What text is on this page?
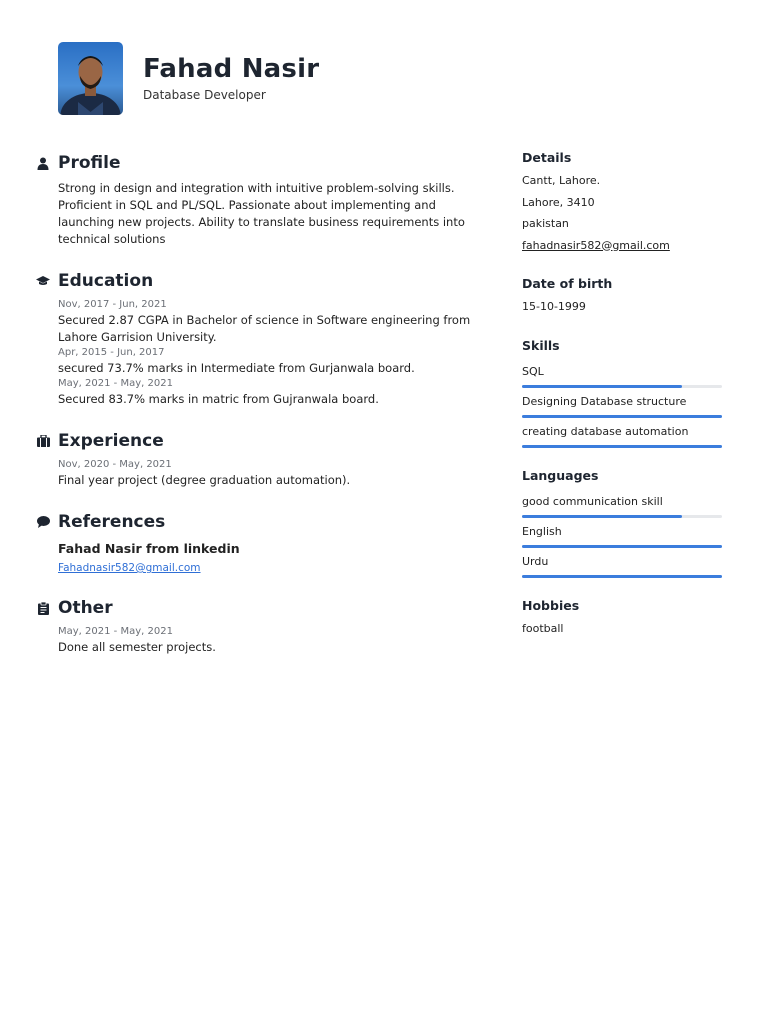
Fahad Nasir
Database Developer
Profile

Strong in design and integration with intuitive problem-solving skills. Proficient in SQL and PL/SQL. Passionate about implementing and launching new projects. Ability to translate business requirements into technical solutions

Education
Nov, 2017 - Jun, 2021
Secured 2.87 CGPA in Bachelor of science in Software engineering from Lahore Garrision University.
Apr, 2015 - Jun, 2017
secured 73.7% marks in Intermediate from Gurjanwala board.
May, 2021 - May, 2021
Secured 83.7% marks in matric from Gujranwala board.
Experience
Nov, 2020 - May, 2021
Final year project (degree graduation automation).
References
Fahad Nasir from linkedin
Fahadnasir582@gmail.com
Other
May, 2021 - May, 2021
Done all semester projects.
Details
Cantt, Lahore.
Lahore, 3410
pakistan
fahadnasir582@gmail.com
Date of birth
15-10-1999
Skills
SQL
Designing Database structure
creating database automation
Languages
good communication skill
English
Urdu
Hobbies
football
